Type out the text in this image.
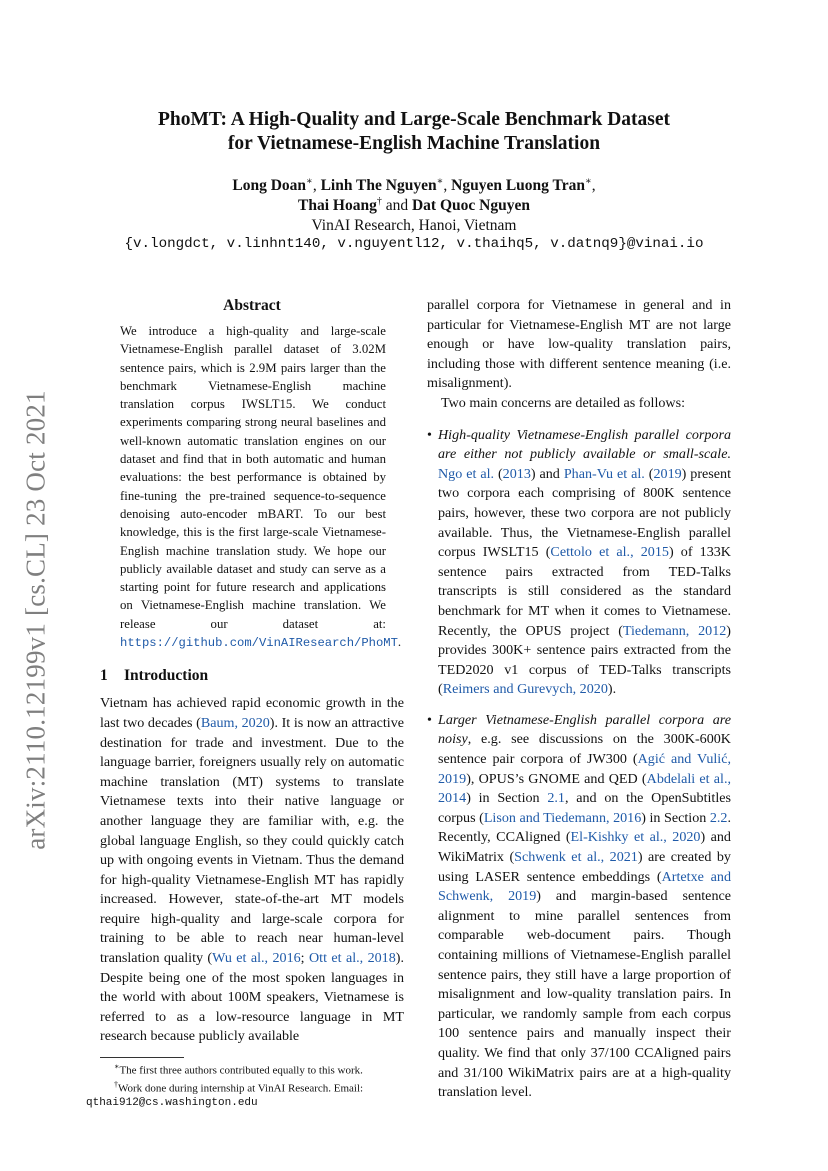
arXiv:2110.12199v1 [cs.CL] 23 Oct 2021
PhoMT: A High-Quality and Large-Scale Benchmark Dataset
for Vietnamese-English Machine Translation
Long Doan∗, Linh The Nguyen∗, Nguyen Luong Tran∗,
Thai Hoang† and Dat Quoc Nguyen
VinAI Research, Hanoi, Vietnam
{v.longdct, v.linhnt140, v.nguyentl12, v.thaihq5, v.datnq9}@vinai.io
Abstract

We introduce a high-quality and large-scale Vietnamese-English parallel dataset of 3.02M sentence pairs, which is 2.9M pairs larger than the benchmark Vietnamese-English machine translation corpus IWSLT15. We conduct experiments comparing strong neural baselines and well-known automatic translation engines on our dataset and find that in both automatic and human evaluations: the best performance is obtained by fine-tuning the pre-trained sequence-to-sequence denoising auto-encoder mBART. To our best knowledge, this is the first large-scale Vietnamese-English machine translation study. We hope our publicly available dataset and study can serve as a starting point for future research and applications on Vietnamese-English machine translation. We release our dataset at: https://github.com/VinAIResearch/PhoMT.

1 Introduction

Vietnam has achieved rapid economic growth in the last two decades (Baum, 2020). It is now an attractive destination for trade and investment. Due to the language barrier, foreigners usually rely on automatic machine translation (MT) systems to translate Vietnamese texts into their native language or another language they are familiar with, e.g. the global language English, so they could quickly catch up with ongoing events in Vietnam. Thus the demand for high-quality Vietnamese-English MT has rapidly increased. However, state-of-the-art MT models require high-quality and large-scale corpora for training to be able to reach near human-level translation quality (Wu et al., 2016; Ott et al., 2018). Despite being one of the most spoken languages in the world with about 100M speakers, Vietnamese is referred to as a low-resource language in MT research because publicly available

∗The first three authors contributed equally to this work.

†Work done during internship at VinAI Research. Email:
qthai912@cs.washington.edu

parallel corpora for Vietnamese in general and in particular for Vietnamese-English MT are not large enough or have low-quality translation pairs, including those with different sentence meaning (i.e. misalignment).

Two main concerns are detailed as follows:

• High-quality Vietnamese-English parallel corpora are either not publicly available or small-scale. Ngo et al. (2013) and Phan-Vu et al. (2019) present two corpora each comprising of 800K sentence pairs, however, these two corpora are not publicly available. Thus, the Vietnamese-English parallel corpus IWSLT15 (Cettolo et al., 2015) of 133K sentence pairs extracted from TED-Talks transcripts is still considered as the standard benchmark for MT when it comes to Vietnamese. Recently, the OPUS project (Tiedemann, 2012) provides 300K+ sentence pairs extracted from the TED2020 v1 corpus of TED-Talks transcripts (Reimers and Gurevych, 2020).
• Larger Vietnamese-English parallel corpora are noisy, e.g. see discussions on the 300K-600K sentence pair corpora of JW300 (Agić and Vulić, 2019), OPUS’s GNOME and QED (Abdelali et al., 2014) in Section 2.1, and on the OpenSubtitles corpus (Lison and Tiedemann, 2016) in Section 2.2. Recently, CCAligned (El-Kishky et al., 2020) and WikiMatrix (Schwenk et al., 2021) are created by using LASER sentence embeddings (Artetxe and Schwenk, 2019) and margin-based sentence alignment to mine parallel sentences from comparable web-document pairs. Though containing millions of Vietnamese-English parallel sentence pairs, they still have a large proportion of misalignment and low-quality translation pairs. In particular, we randomly sample from each corpus 100 sentence pairs and manually inspect their quality. We find that only 37/100 CCAligned pairs and 31/100 WikiMatrix pairs are at a high-quality translation level.
